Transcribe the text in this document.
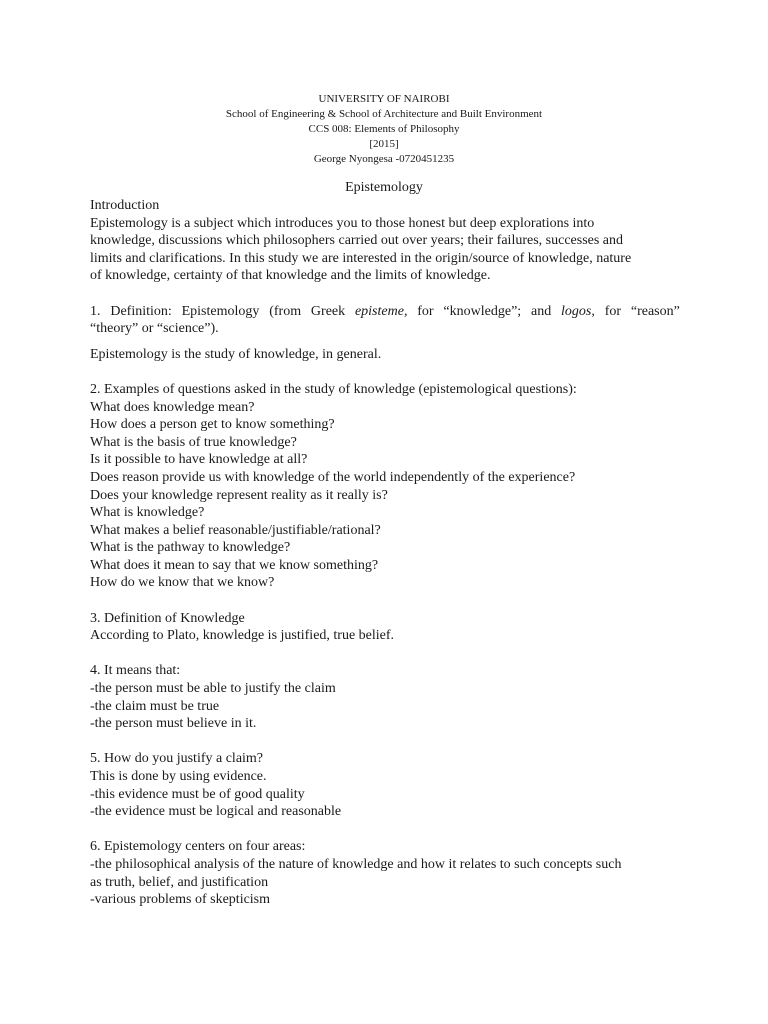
UNIVERSITY OF NAIROBI
School of Engineering & School of Architecture and Built Environment
CCS 008: Elements of Philosophy
[2015]
George Nyongesa -0720451235
Epistemology
Introduction
Epistemology is a subject which introduces you to those honest but deep explorations into
knowledge, discussions which philosophers carried out over years; their failures, successes and
limits and clarifications. In this study we are interested in the origin/source of knowledge, nature
of knowledge, certainty of that knowledge and the limits of knowledge.
1. Definition: Epistemology (from Greek episteme, for “knowledge”; and logos, for “reason”
“theory” or “science”).
Epistemology is the study of knowledge, in general.
2. Examples of questions asked in the study of knowledge (epistemological questions):
What does knowledge mean?
How does a person get to know something?
What is the basis of true knowledge?
Is it possible to have knowledge at all?
Does reason provide us with knowledge of the world independently of the experience?
Does your knowledge represent reality as it really is?
What is knowledge?
What makes a belief reasonable/justifiable/rational?
What is the pathway to knowledge?
What does it mean to say that we know something?
How do we know that we know?
3. Definition of Knowledge
According to Plato, knowledge is justified, true belief.
4. It means that:
-the person must be able to justify the claim
-the claim must be true
-the person must believe in it.
5. How do you justify a claim?
This is done by using evidence.
-this evidence must be of good quality
-the evidence must be logical and reasonable
6. Epistemology centers on four areas:
-the philosophical analysis of the nature of knowledge and how it relates to such concepts such
as truth, belief, and justification
-various problems of skepticism
